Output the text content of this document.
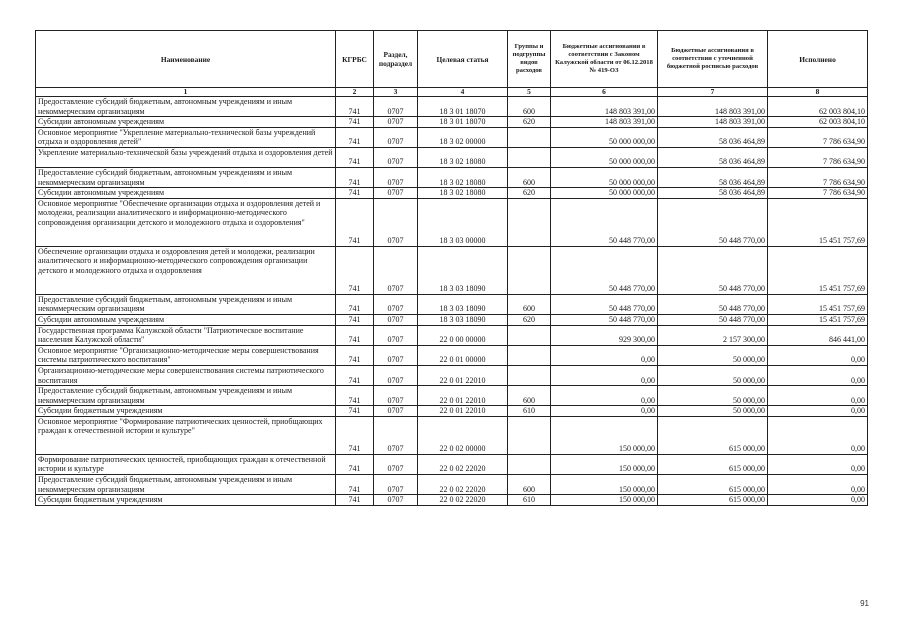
Наименование	КГРБС	Раздел, подраздел	Целевая статья	Группы и подгруппы видов расходов	Бюджетные ассигнования в соответствии с Законом Калужской области от 06.12.2018 № 419-ОЗ	Бюджетные ассигнования в соответствии с уточненной бюджетной росписью расходов	Исполнено
1	2	3	4	5	6	7	8
Предоставление субсидий бюджетным, автономным учреждениям и иным некоммерческим организациям	741	0707	18 3 01 18070	600	148 803 391,00	148 803 391,00	62 003 804,10
Субсидии автономным учреждениям	741	0707	18 3 01 18070	620	148 803 391,00	148 803 391,00	62 003 804,10
Основное мероприятие "Укрепление материально-технической базы учреждений отдыха и оздоровления детей"	741	0707	18 3 02 00000		50 000 000,00	58 036 464,89	7 786 634,90
Укрепление материально-технической базы учреждений отдыха и оздоровления детей	741	0707	18 3 02 18080		50 000 000,00	58 036 464,89	7 786 634,90
Предоставление субсидий бюджетным, автономным учреждениям и иным некоммерческим организациям	741	0707	18 3 02 18080	600	50 000 000,00	58 036 464,89	7 786 634,90
Субсидии автономным учреждениям	741	0707	18 3 02 18080	620	50 000 000,00	58 036 464,89	7 786 634,90
Основное мероприятие "Обеспечение организации отдыха и оздоровления детей и молодежи, реализации аналитического и информационно-методического сопровождения организации детского и молодежного отдыха и оздоровления"	741	0707	18 3 03 00000		50 448 770,00	50 448 770,00	15 451 757,69
Обеспечение организации отдыха и оздоровления детей и молодежи, реализации аналитического и информационно-методического сопровождения организации детского и молодежного отдыха и оздоровления	741	0707	18 3 03 18090		50 448 770,00	50 448 770,00	15 451 757,69
Предоставление субсидий бюджетным, автономным учреждениям и иным некоммерческим организациям	741	0707	18 3 03 18090	600	50 448 770,00	50 448 770,00	15 451 757,69
Субсидии автономным учреждениям	741	0707	18 3 03 18090	620	50 448 770,00	50 448 770,00	15 451 757,69
Государственная программа Калужской области "Патриотическое воспитание населения Калужской области"	741	0707	22 0 00 00000		929 300,00	2 157 300,00	846 441,00
Основное мероприятие "Организационно-методические меры совершенствования системы патриотического воспитания"	741	0707	22 0 01 00000		0,00	50 000,00	0,00
Организационно-методические меры совершенствования системы патриотического воспитания	741	0707	22 0 01 22010		0,00	50 000,00	0,00
Предоставление субсидий бюджетным, автономным учреждениям и иным некоммерческим организациям	741	0707	22 0 01 22010	600	0,00	50 000,00	0,00
Субсидии бюджетным учреждениям	741	0707	22 0 01 22010	610	0,00	50 000,00	0,00
Основное мероприятие "Формирование патриотических ценностей, приобщающих граждан к отечественной истории и культуре"	741	0707	22 0 02 00000		150 000,00	615 000,00	0,00
Формирование патриотических ценностей, приобщающих граждан к отечественной истории и культуре	741	0707	22 0 02 22020		150 000,00	615 000,00	0,00
Предоставление субсидий бюджетным, автономным учреждениям и иным некоммерческим организациям	741	0707	22 0 02 22020	600	150 000,00	615 000,00	0,00
Субсидии бюджетным учреждениям	741	0707	22 0 02 22020	610	150 000,00	615 000,00	0,00
91
